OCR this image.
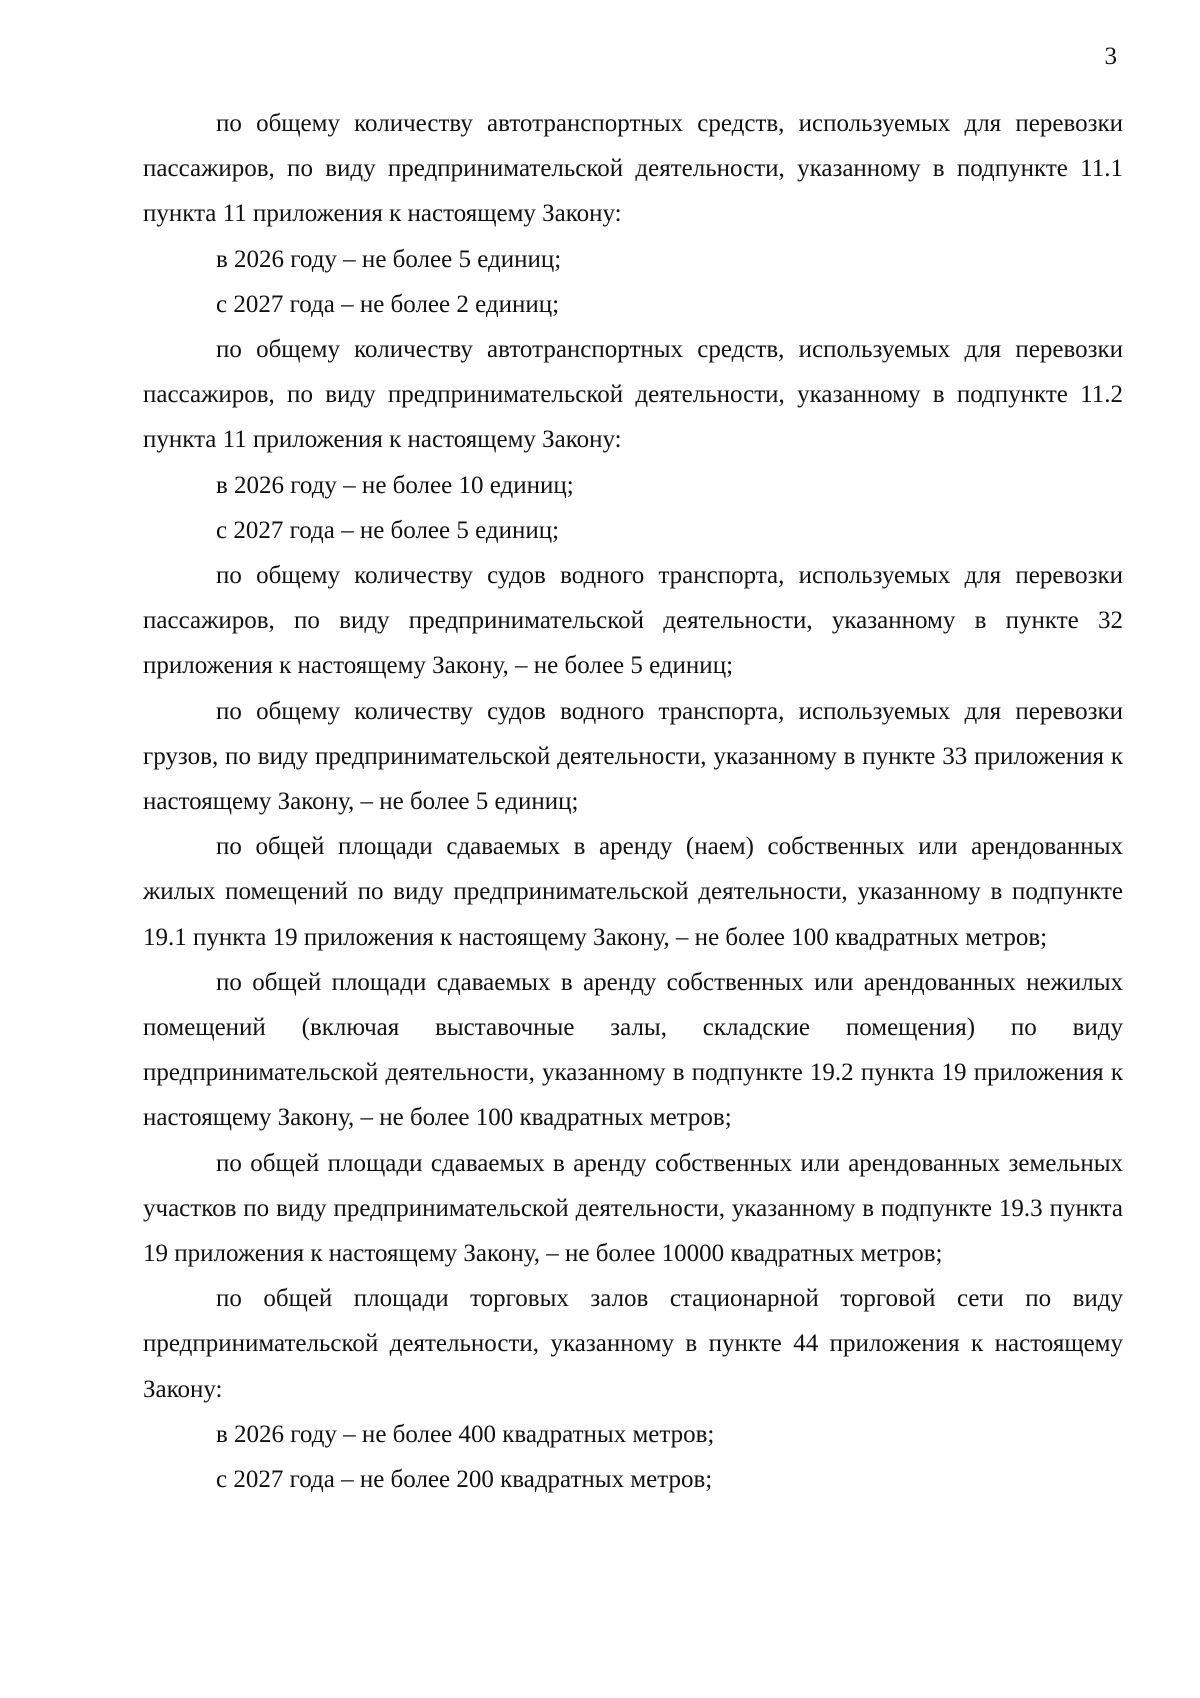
3

по общему количеству автотранспортных средств, используемых для перевозки пассажиров, по виду предпринимательской деятельности, указанному в подпункте 11.1 пункта 11 приложения к настоящему Закону:

в 2026 году – не более 5 единиц;

с 2027 года – не более 2 единиц;

по общему количеству автотранспортных средств, используемых для перевозки пассажиров, по виду предпринимательской деятельности, указанному в подпункте 11.2 пункта 11 приложения к настоящему Закону:

в 2026 году – не более 10 единиц;

с 2027 года – не более 5 единиц;

по общему количеству судов водного транспорта, используемых для перевозки пассажиров, по виду предпринимательской деятельности, указанному в пункте 32 приложения к настоящему Закону, – не более 5 единиц;

по общему количеству судов водного транспорта, используемых для перевозки грузов, по виду предпринимательской деятельности, указанному в пункте 33 приложения к настоящему Закону, – не более 5 единиц;

по общей площади сдаваемых в аренду (наем) собственных или арендованных жилых помещений по виду предпринимательской деятельности, указанному в подпункте 19.1 пункта 19 приложения к настоящему Закону, – не более 100 квадратных метров;

по общей площади сдаваемых в аренду собственных или арендованных нежилых помещений (включая выставочные залы, складские помещения) по виду предпринимательской деятельности, указанному в подпункте 19.2 пункта 19 приложения к настоящему Закону, – не более 100 квадратных метров;

по общей площади сдаваемых в аренду собственных или арендованных земельных участков по виду предпринимательской деятельности, указанному в подпункте 19.3 пункта 19 приложения к настоящему Закону, – не более 10000 квадратных метров;

по общей площади торговых залов стационарной торговой сети по виду предпринимательской деятельности, указанному в пункте 44 приложения к настоящему Закону:

в 2026 году – не более 400 квадратных метров;

с 2027 года – не более 200 квадратных метров;
